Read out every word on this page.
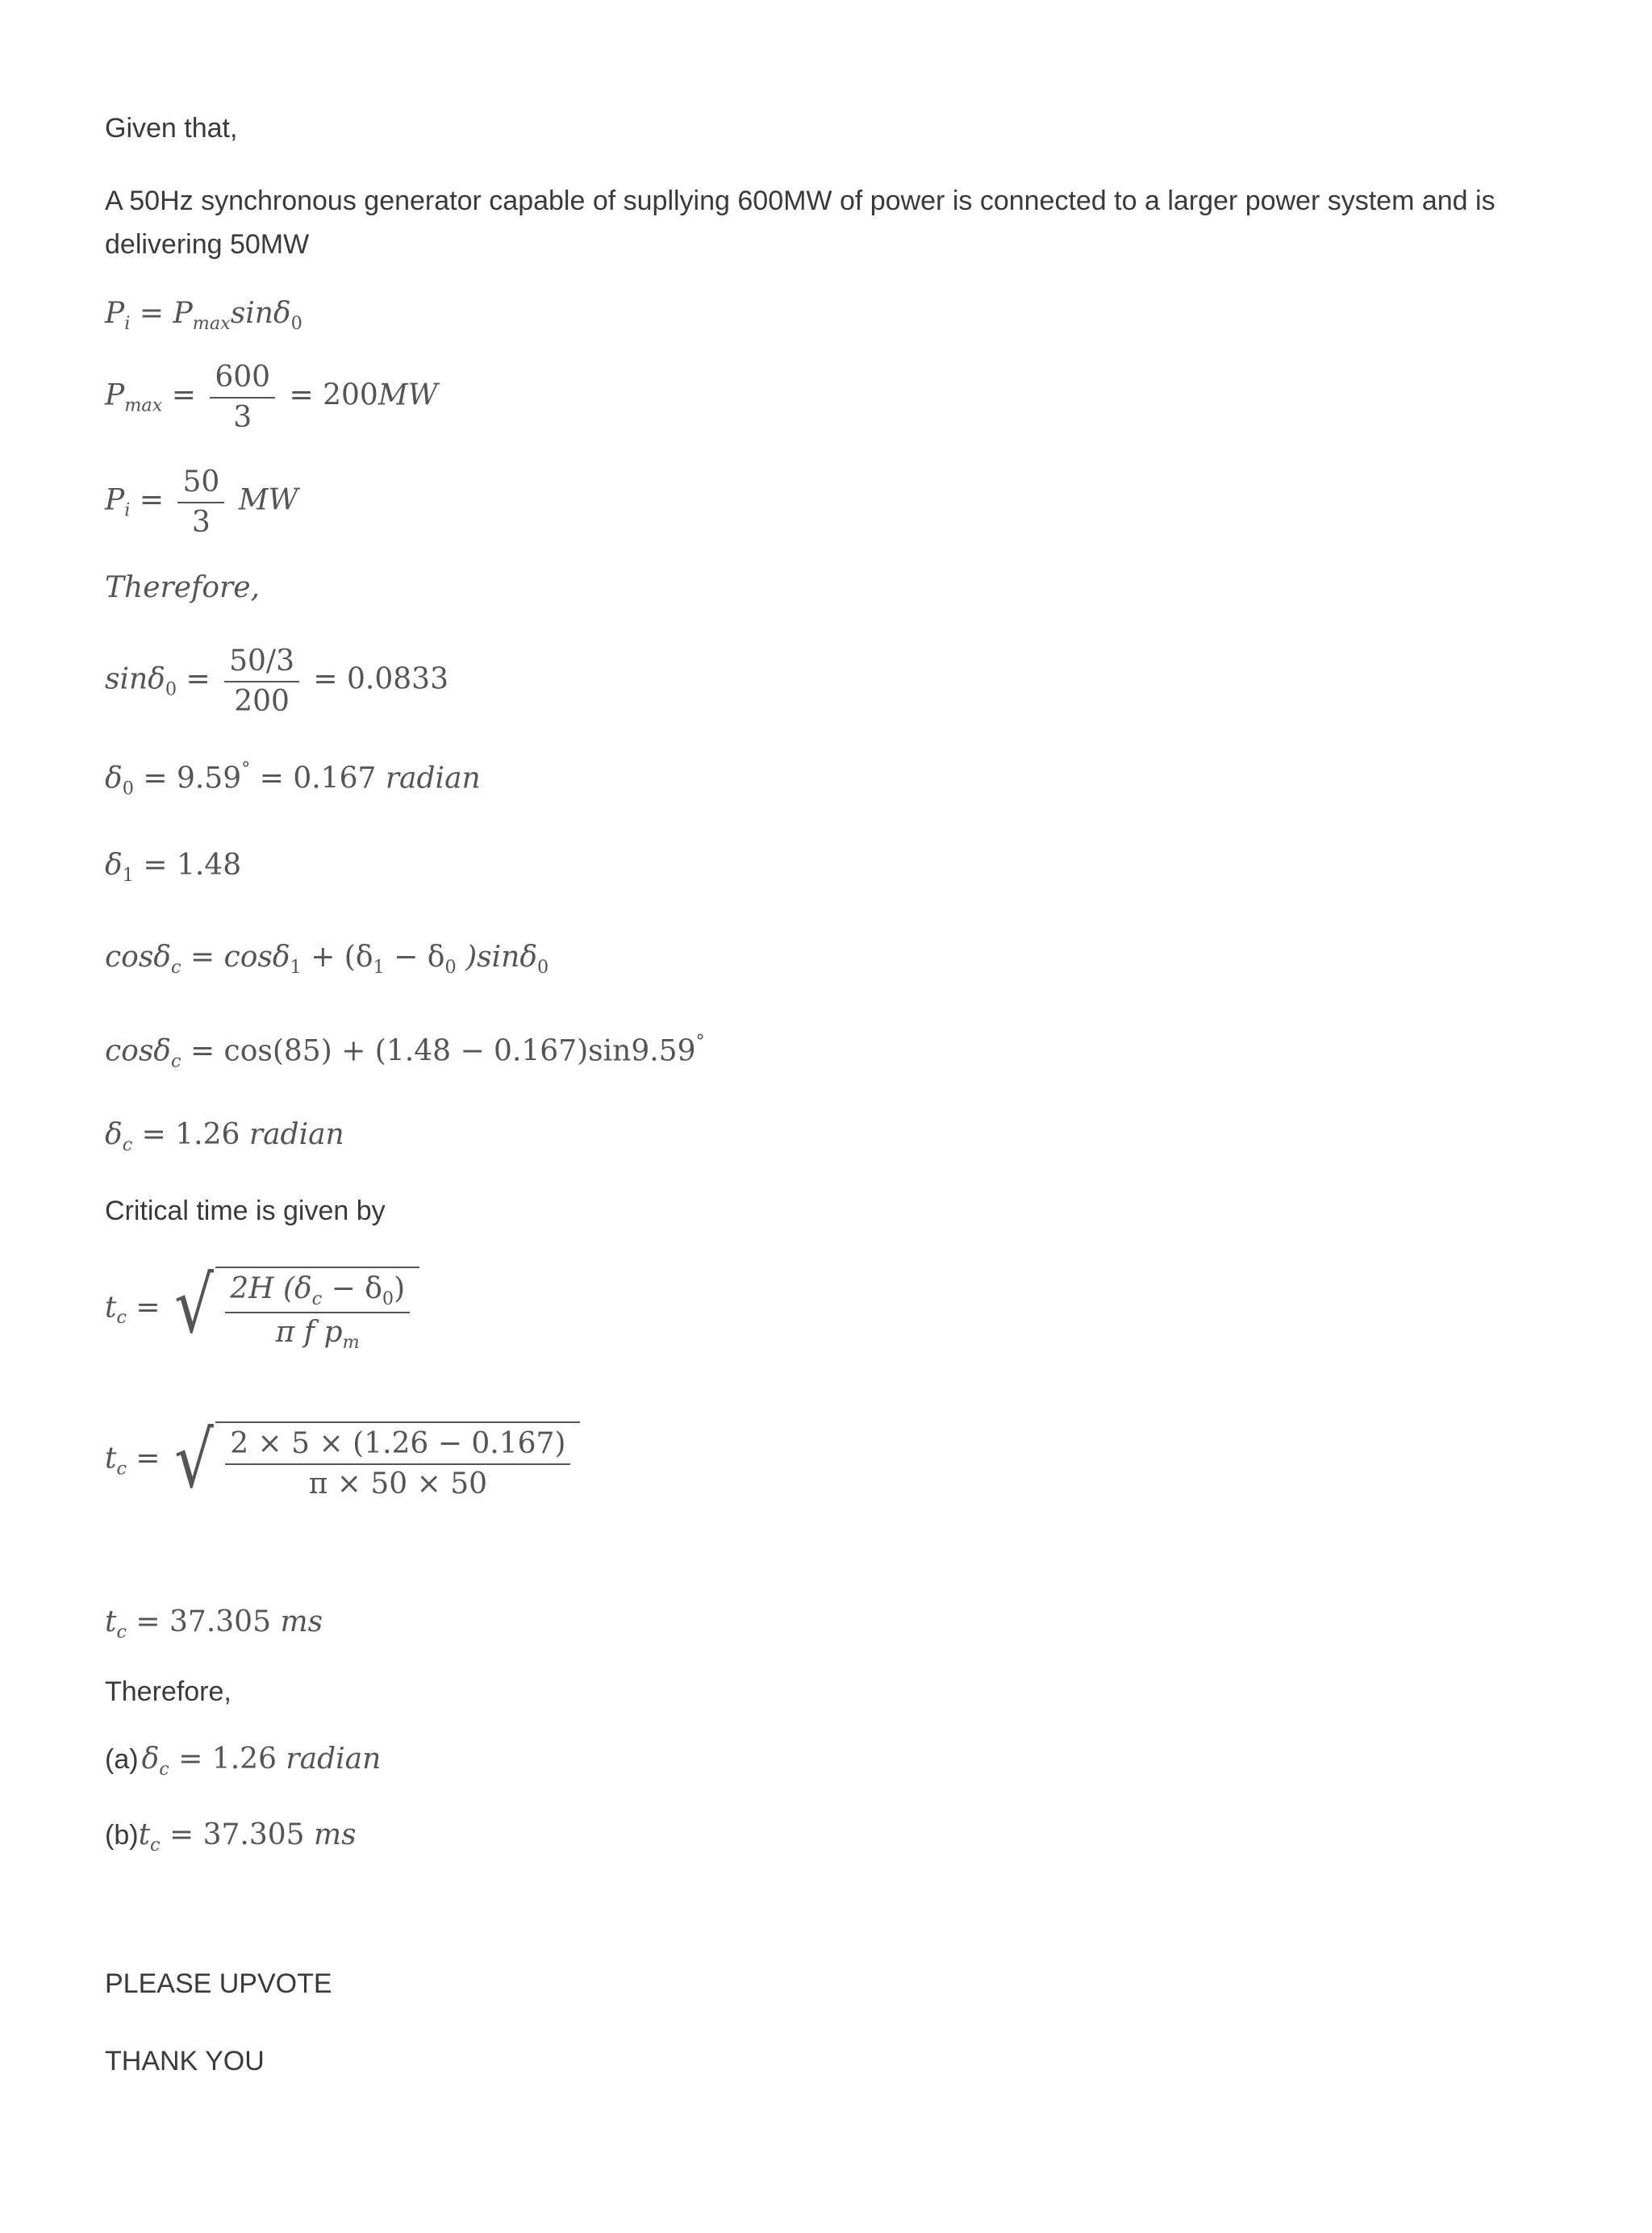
Given that,
A 50Hz synchronous generator capable of supllying 600MW of power is connected to a larger power system and is delivering 50MW
$P_i = P_{max}\sin\delta_0$
$P_{max} = \frac{600}{3} = 200MW$
$P_i = \frac{50}{3}$ MW
Therefore,
$\sin\delta_0 = \frac{50/3}{200} = 0.0833$
$\delta_0 = 9.59^\circ = 0.167$ radian
$\delta_1 = 1.48$
$\cos\delta_c = \cos\delta_1 + (\delta_1 - \delta_0$ )sinδ$_0$
cosδ$_c$ = cos(85) + (1.48 − 0.167)sin9.59°
$\delta_c = 1.26$ radian
Critical time is given by
$t_c$ = √ $\frac{2H (\delta_c - \delta_0)}{\pi f p_m}$
$t_c$ = √ $\frac{2 \times 5 \times (1.26 - 0.167)}{\pi \times 50 \times 50}$
$t_c = 37.305$ ms
Therefore,
(a) $\delta_c = 1.26$ radian
$(b)t_c = 37.305$ ms
PLEASE UPVOTE
THANK YOU
